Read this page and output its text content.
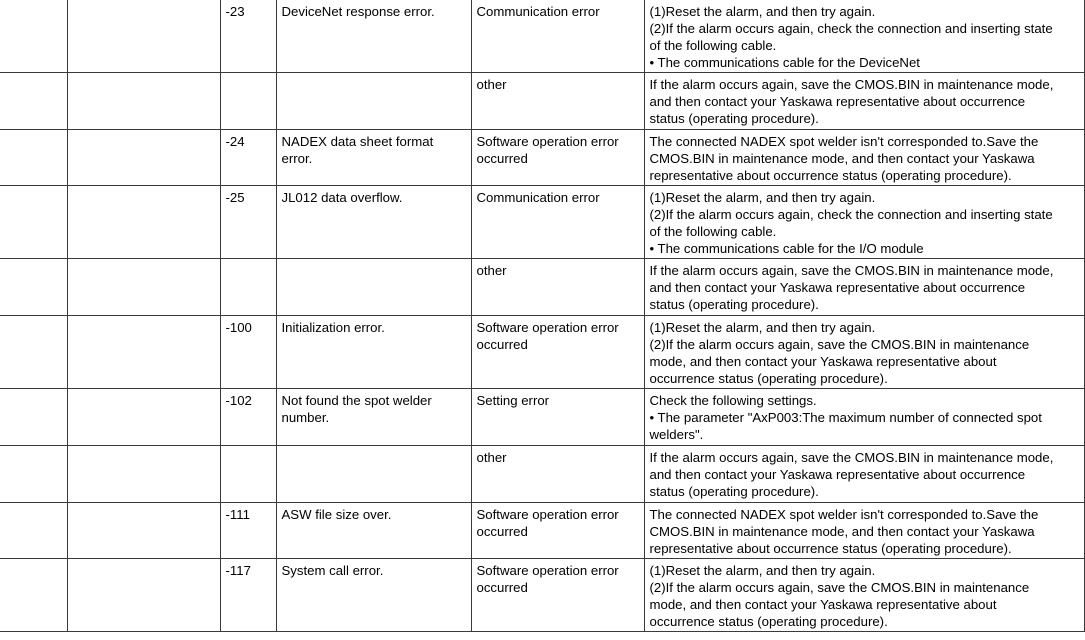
		-23	DeviceNet response error.	Communication error	(1)Reset the alarm, and then try again.
(2)If the alarm occurs again, check the connection and inserting state
of the following cable.
• The communications cable for the DeviceNet

				other	If the alarm occurs again, save the CMOS.BIN in maintenance mode,
and then contact your Yaskawa representative about occurrence
status (operating procedure).

		-24	NADEX data sheet format
error.	Software operation error
occurred	The connected NADEX spot welder isn't corresponded to.Save the
CMOS.BIN in maintenance mode, and then contact your Yaskawa
representative about occurrence status (operating procedure).

		-25	JL012 data overflow.	Communication error	(1)Reset the alarm, and then try again.
(2)If the alarm occurs again, check the connection and inserting state
of the following cable.
• The communications cable for the I/O module

				other	If the alarm occurs again, save the CMOS.BIN in maintenance mode,
and then contact your Yaskawa representative about occurrence
status (operating procedure).

		-100	Initialization error.	Software operation error
occurred	(1)Reset the alarm, and then try again.
(2)If the alarm occurs again, save the CMOS.BIN in maintenance
mode, and then contact your Yaskawa representative about
occurrence status (operating procedure).

		-102	Not found the spot welder
number.	Setting error	Check the following settings.
• The parameter "AxP003:The maximum number of connected spot
welders".

				other	If the alarm occurs again, save the CMOS.BIN in maintenance mode,
and then contact your Yaskawa representative about occurrence
status (operating procedure).

		-111	ASW file size over.	Software operation error
occurred	The connected NADEX spot welder isn't corresponded to.Save the
CMOS.BIN in maintenance mode, and then contact your Yaskawa
representative about occurrence status (operating procedure).

		-117	System call error.	Software operation error
occurred	(1)Reset the alarm, and then try again.
(2)If the alarm occurs again, save the CMOS.BIN in maintenance
mode, and then contact your Yaskawa representative about
occurrence status (operating procedure).
